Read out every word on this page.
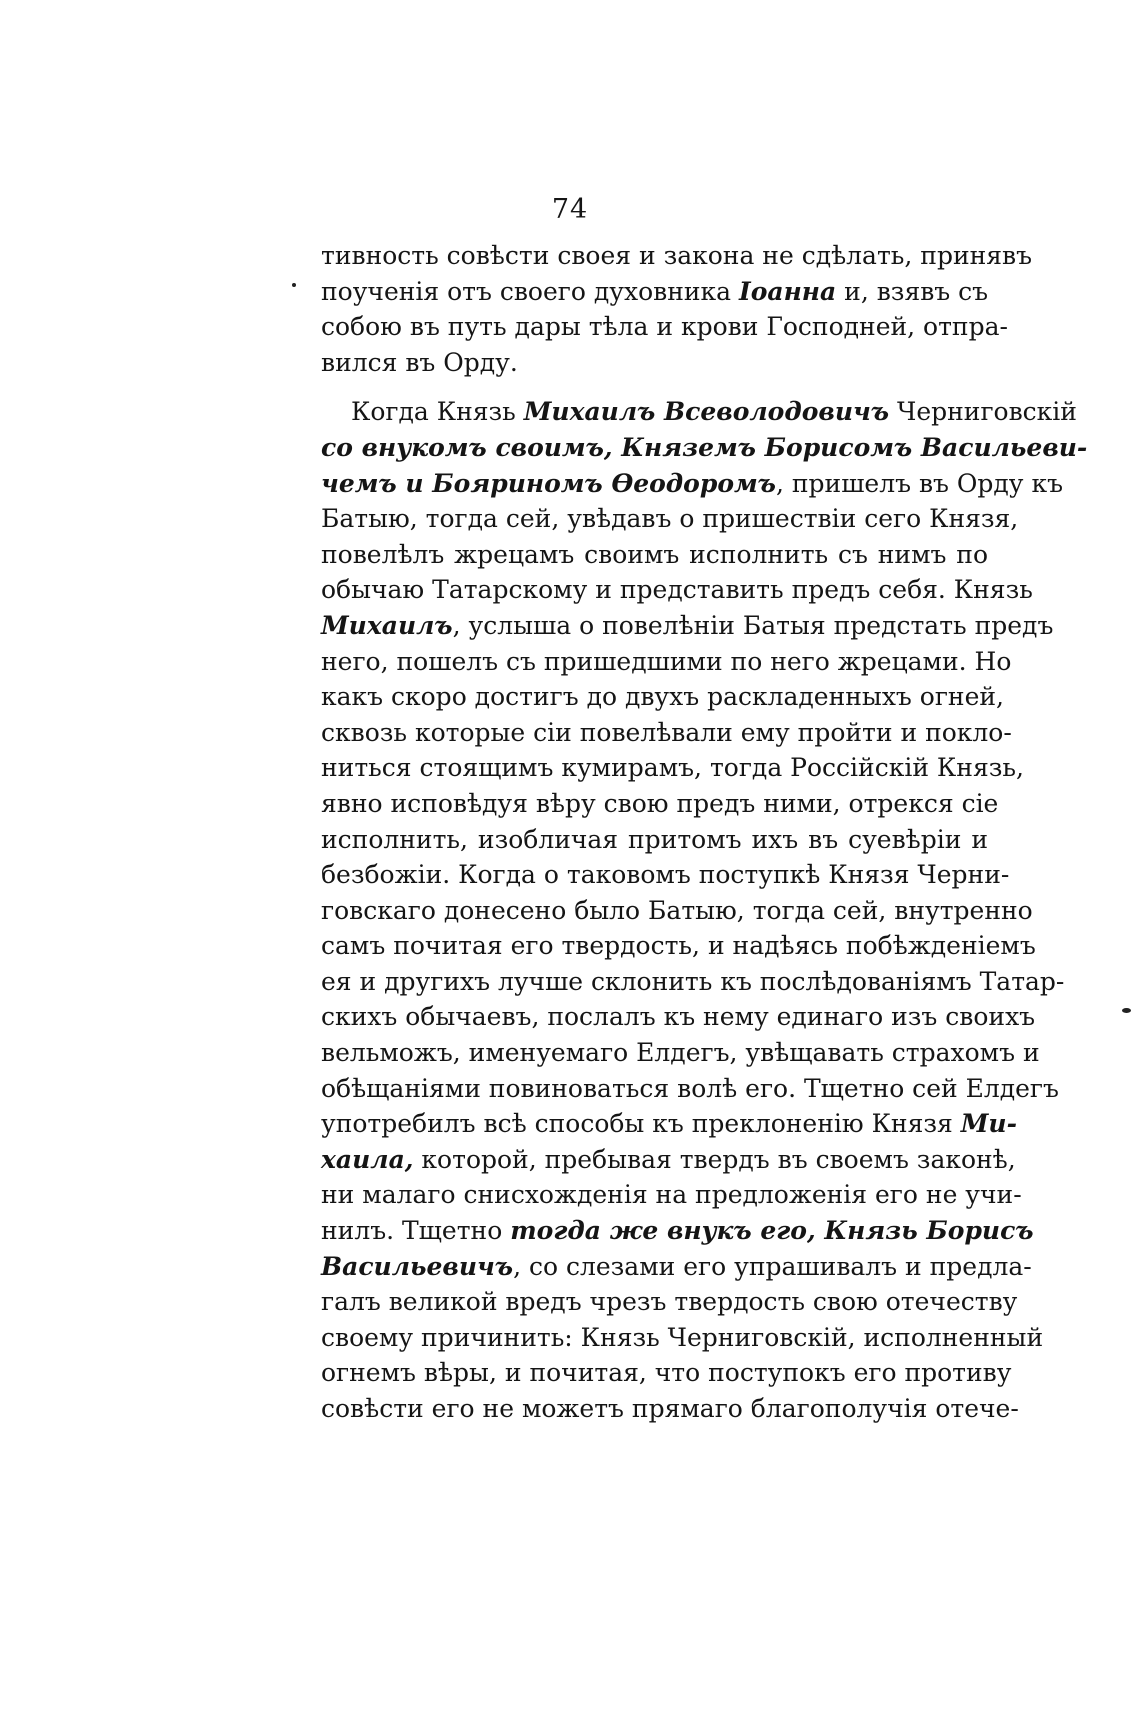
74
тивность совѣсти своея и закона не сдѣлать, принявъ
поученія отъ своего духовника Іоанна и, взявъ съ
собою въ путь дары тѣла и крови Господней, отпра-
вился въ Орду.
Когда Князь Михаилъ Всеволодовичъ Черниговскій
со внукомъ своимъ, Княземъ Борисомъ Васильеви-
чемъ и Бояриномъ Ѳеодоромъ, пришелъ въ Орду къ
Батыю, тогда сей, увѣдавъ о пришествіи сего Князя,
повелѣлъ жрецамъ своимъ исполнить съ нимъ по
обычаю Татарскому и представить предъ себя. Князь
Михаилъ, услыша о повелѣніи Батыя предстать предъ
него, пошелъ съ пришедшими по него жрецами. Но
какъ скоро достигъ до двухъ раскладенныхъ огней,
сквозь которые сіи повелѣвали ему пройти и покло-
ниться стоящимъ кумирамъ, тогда Россійскій Князь,
явно исповѣдуя вѣру свою предъ ними, отрекся сіе
исполнить, изобличая притомъ ихъ въ суевѣріи и
безбожіи. Когда о таковомъ поступкѣ Князя Черни-
говскаго донесено было Батыю, тогда сей, внутренно
самъ почитая его твердость, и надѣясь побѣжденіемъ
ея и другихъ лучше склонить къ послѣдованіямъ Татар-
скихъ обычаевъ, послалъ къ нему единаго изъ своихъ
вельможъ, именуемаго Елдегъ, увѣщавать страхомъ и
обѣщаніями повиноваться волѣ его. Тщетно сей Елдегъ
употребилъ всѣ способы къ преклоненію Князя Ми-
хаила, которой, пребывая твердъ въ своемъ законѣ,
ни малаго снисхожденія на предложенія его не учи-
нилъ. Тщетно тогда же внукъ его, Князь Борисъ
Васильевичъ, со слезами его упрашивалъ и предла-
галъ великой вредъ чрезъ твердость свою отечеству
своему причинить: Князь Черниговскій, исполненный
огнемъ вѣры, и почитая, что поступокъ его противу
совѣсти его не можетъ прямаго благополучія отече-
